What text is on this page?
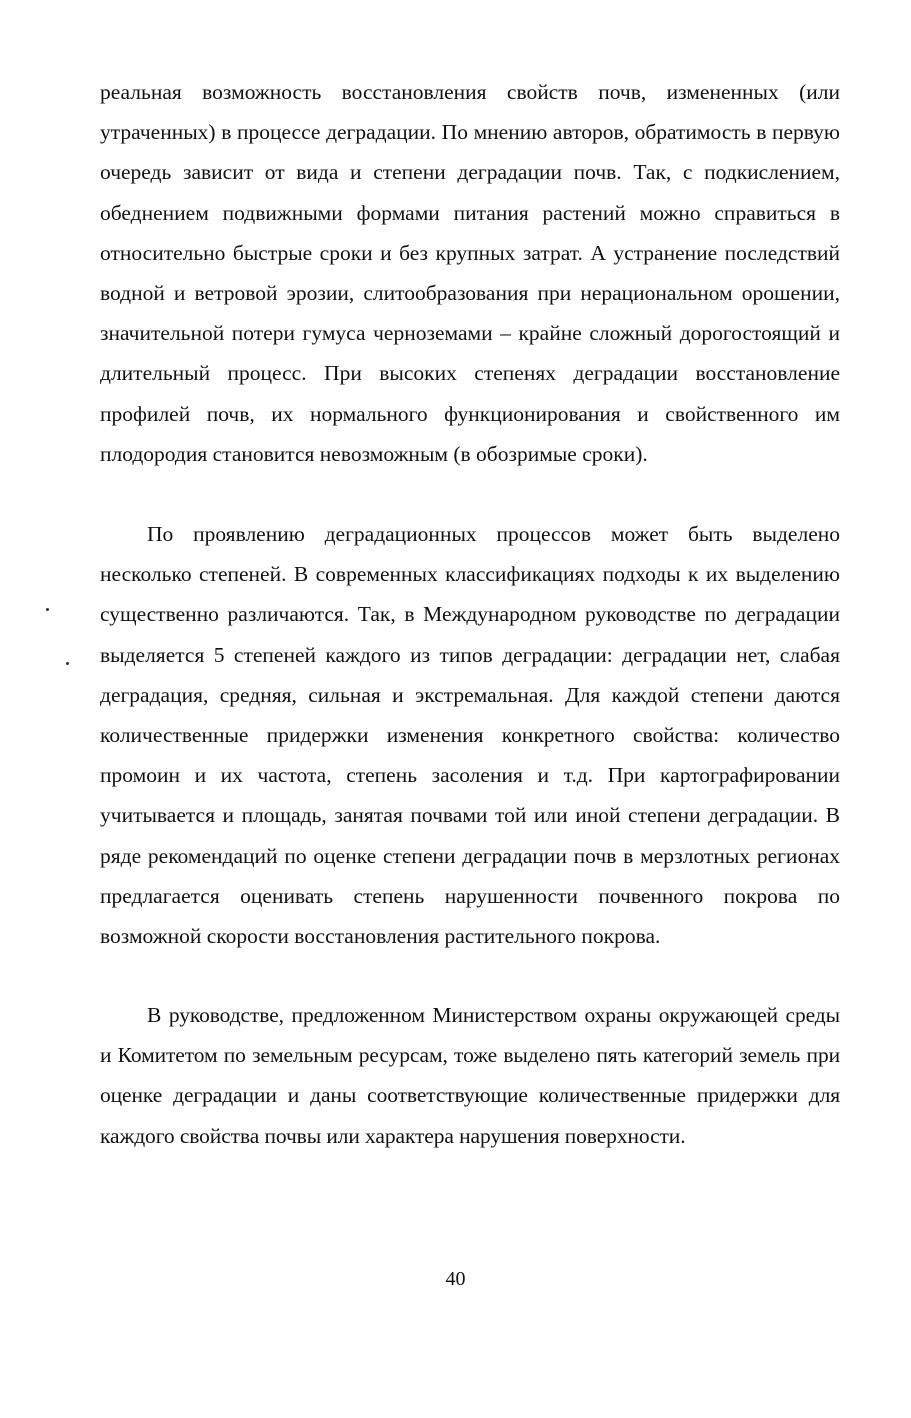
реальная возможность восстановления свойств почв, измененных (или утраченных) в процессе деградации. По мнению авторов, обратимость в первую очередь зависит от вида и степени деградации почв. Так, с подкислением, обеднением подвижными формами питания растений можно справиться в относительно быстрые сроки и без крупных затрат. А устранение последствий водной и ветровой эрозии, слитообразования при нерациональном орошении, значительной потери гумуса черноземами – крайне сложный дорогостоящий и длительный процесс. При высоких степенях деградации восстановление профилей почв, их нормального функционирования и свойственного им плодородия становится невозможным (в обозримые сроки).
По проявлению деградационных процессов может быть выделено несколько степеней. В современных классификациях подходы к их выделению существенно различаются. Так, в Международном руководстве по деградации выделяется 5 степеней каждого из типов деградации: деградации нет, слабая деградация, средняя, сильная и экстремальная. Для каждой степени даются количественные придержки изменения конкретного свойства: количество промоин и их частота, степень засоления и т.д. При картографировании учитывается и площадь, занятая почвами той или иной степени деградации. В ряде рекомендаций по оценке степени деградации почв в мерзлотных регионах предлагается оценивать степень нарушенности почвенного покрова по возможной скорости восстановления растительного покрова.
В руководстве, предложенном Министерством охраны окружающей среды и Комитетом по земельным ресурсам, тоже выделено пять категорий земель при оценке деградации и даны соответствующие количественные придержки для каждого свойства почвы или характера нарушения поверхности.
40
